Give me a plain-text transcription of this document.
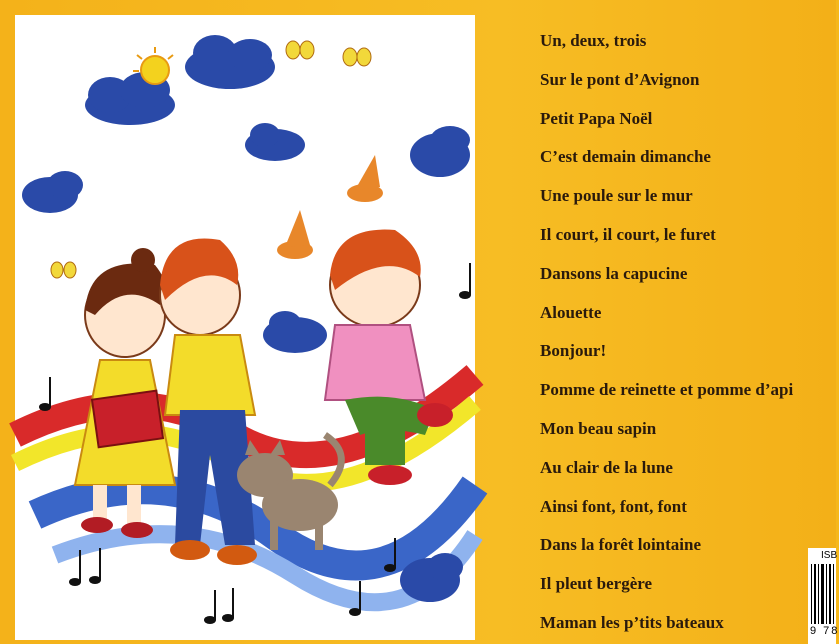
Un, deux, trois
Sur le pont d’Avignon
Petit Papa Noël
C’est demain dimanche
Une poule sur le mur
Il court, il court, le furet
Dansons la capucine
Alouette
Bonjour!
Pomme de reinette et pomme d’api
Mon beau sapin
Au clair de la lune
Ainsi font, font, font
Dans la forêt lointaine
Il pleut bergère
Maman les p’tits bateaux
ISB
9 78
